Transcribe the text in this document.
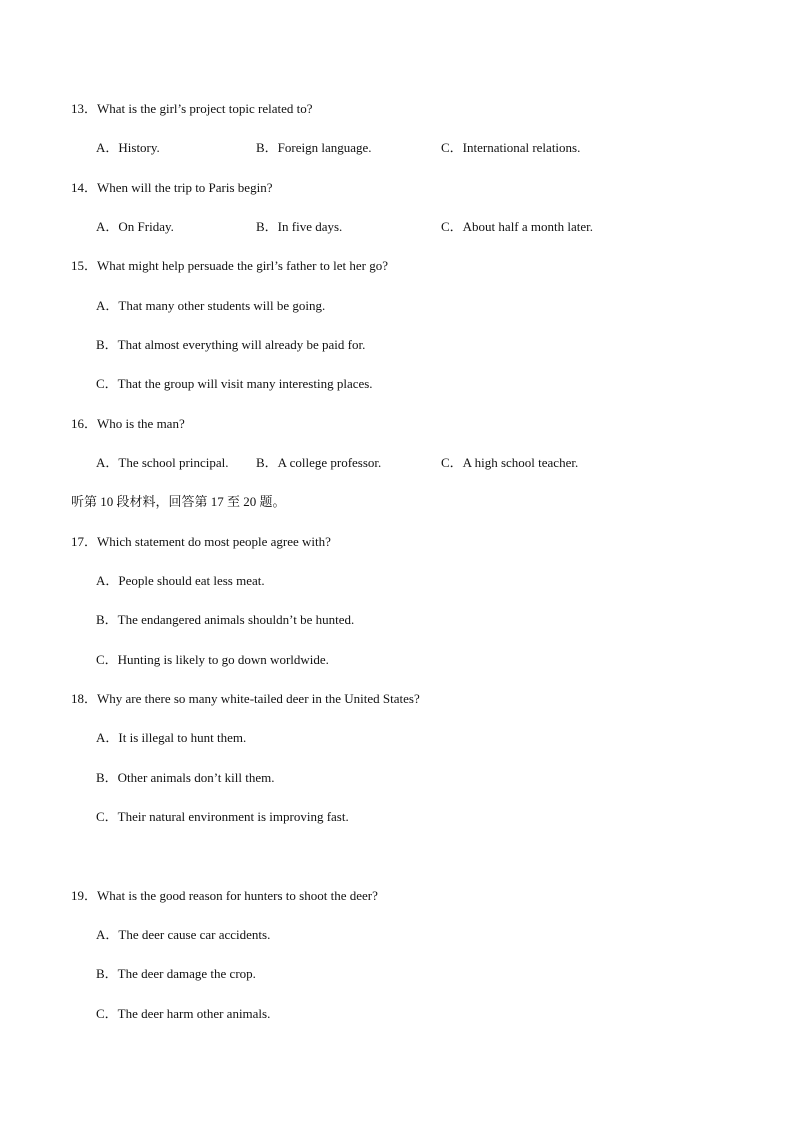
13．What is the girl’s project topic related to?
A．History.	B．Foreign language.	C．International relations.
14．When will the trip to Paris begin?
A．On Friday.	B．In five days.	C．About half a month later.
15．What might help persuade the girl’s father to let her go?
A．That many other students will be going.
B．That almost everything will already be paid for.
C．That the group will visit many interesting places.
16．Who is the man?
A．The school principal. B．A college professor.	C．A high school teacher.
听第 10 段材料，回答第 17 至 20 题。
17．Which statement do most people agree with?
A．People should eat less meat.
B．The endangered animals shouldn’t be hunted.
C．Hunting is likely to go down worldwide.
18．Why are there so many white-tailed deer in the United States?
A．It is illegal to hunt them.
B．Other animals don’t kill them.
C．Their natural environment is improving fast.
19．What is the good reason for hunters to shoot the deer?
A．The deer cause car accidents.
B．The deer damage the crop.
C．The deer harm other animals.
